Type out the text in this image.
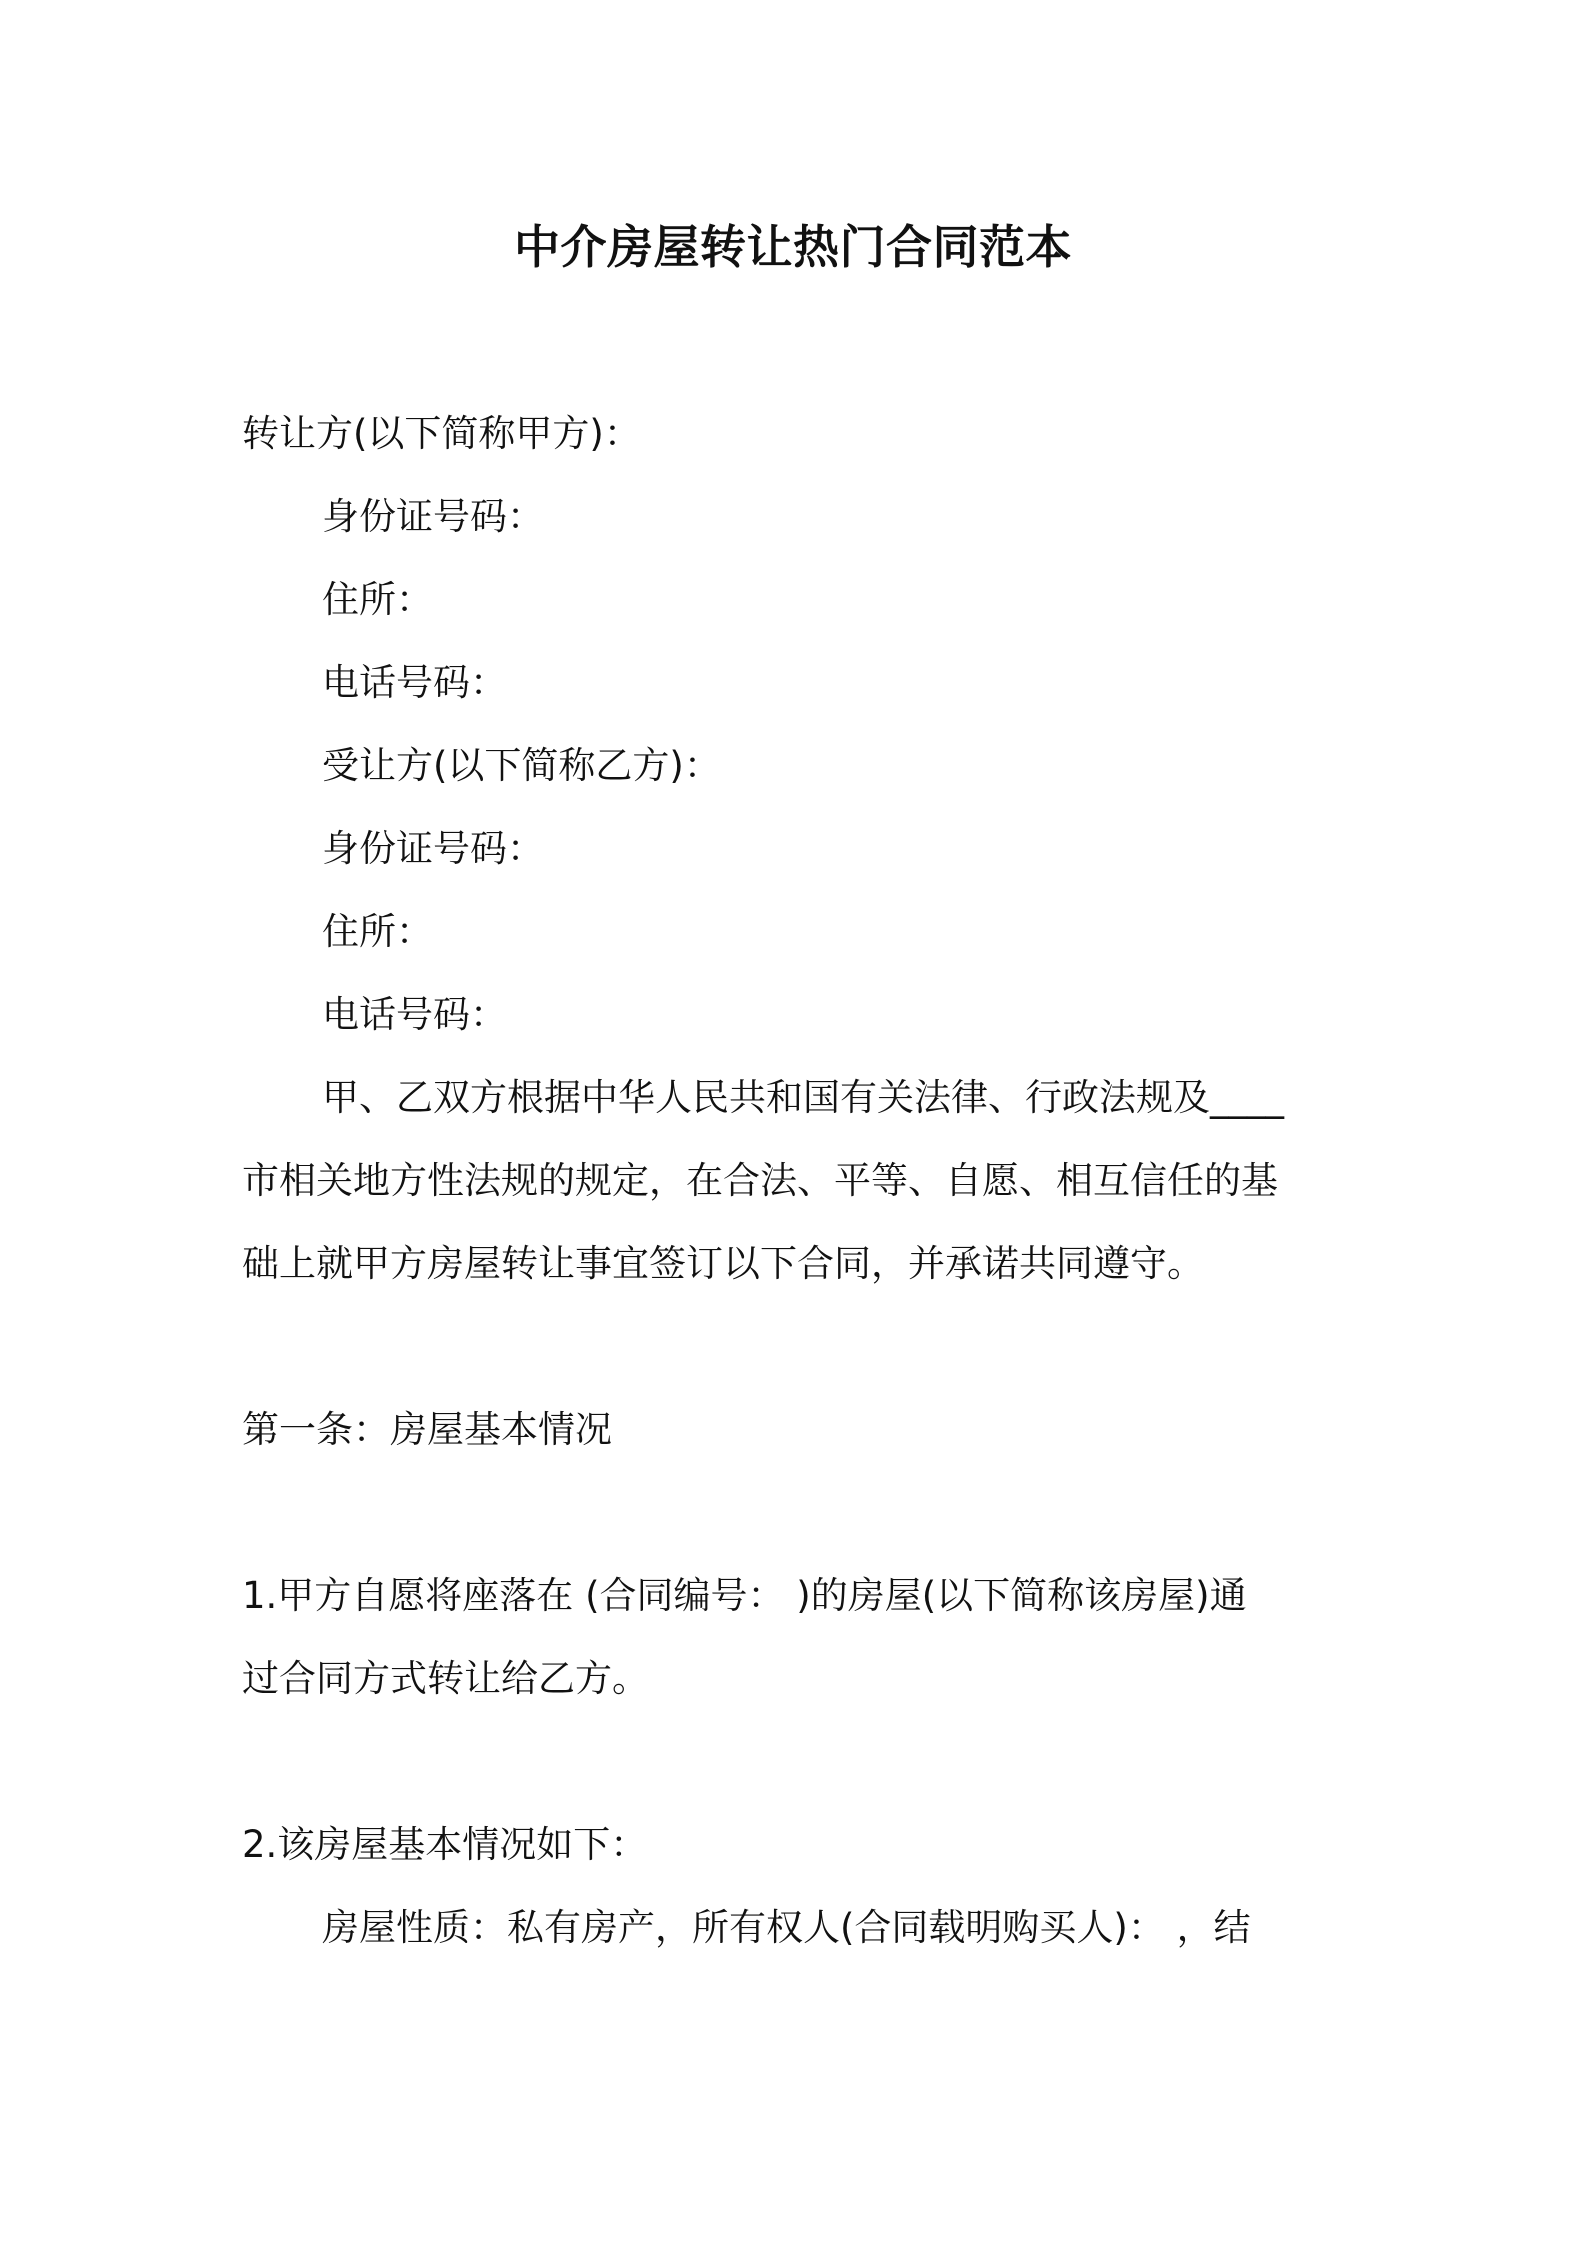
中介房屋转让热门合同范本

转让方(以下简称甲方)：

身份证号码：

住所：

电话号码：

受让方(以下简称乙方)：

身份证号码：

住所：

电话号码：

甲、乙双方根据中华人民共和国有关法律、行政法规及____

市相关地方性法规的规定，在合法、平等、自愿、相互信任的基

础上就甲方房屋转让事宜签订以下合同，并承诺共同遵守。

第一条：房屋基本情况

1.甲方自愿将座落在 (合同编号： )的房屋(以下简称该房屋)通

过合同方式转让给乙方。

2.该房屋基本情况如下：

房屋性质：私有房产，所有权人(合同载明购买人)： ，结
